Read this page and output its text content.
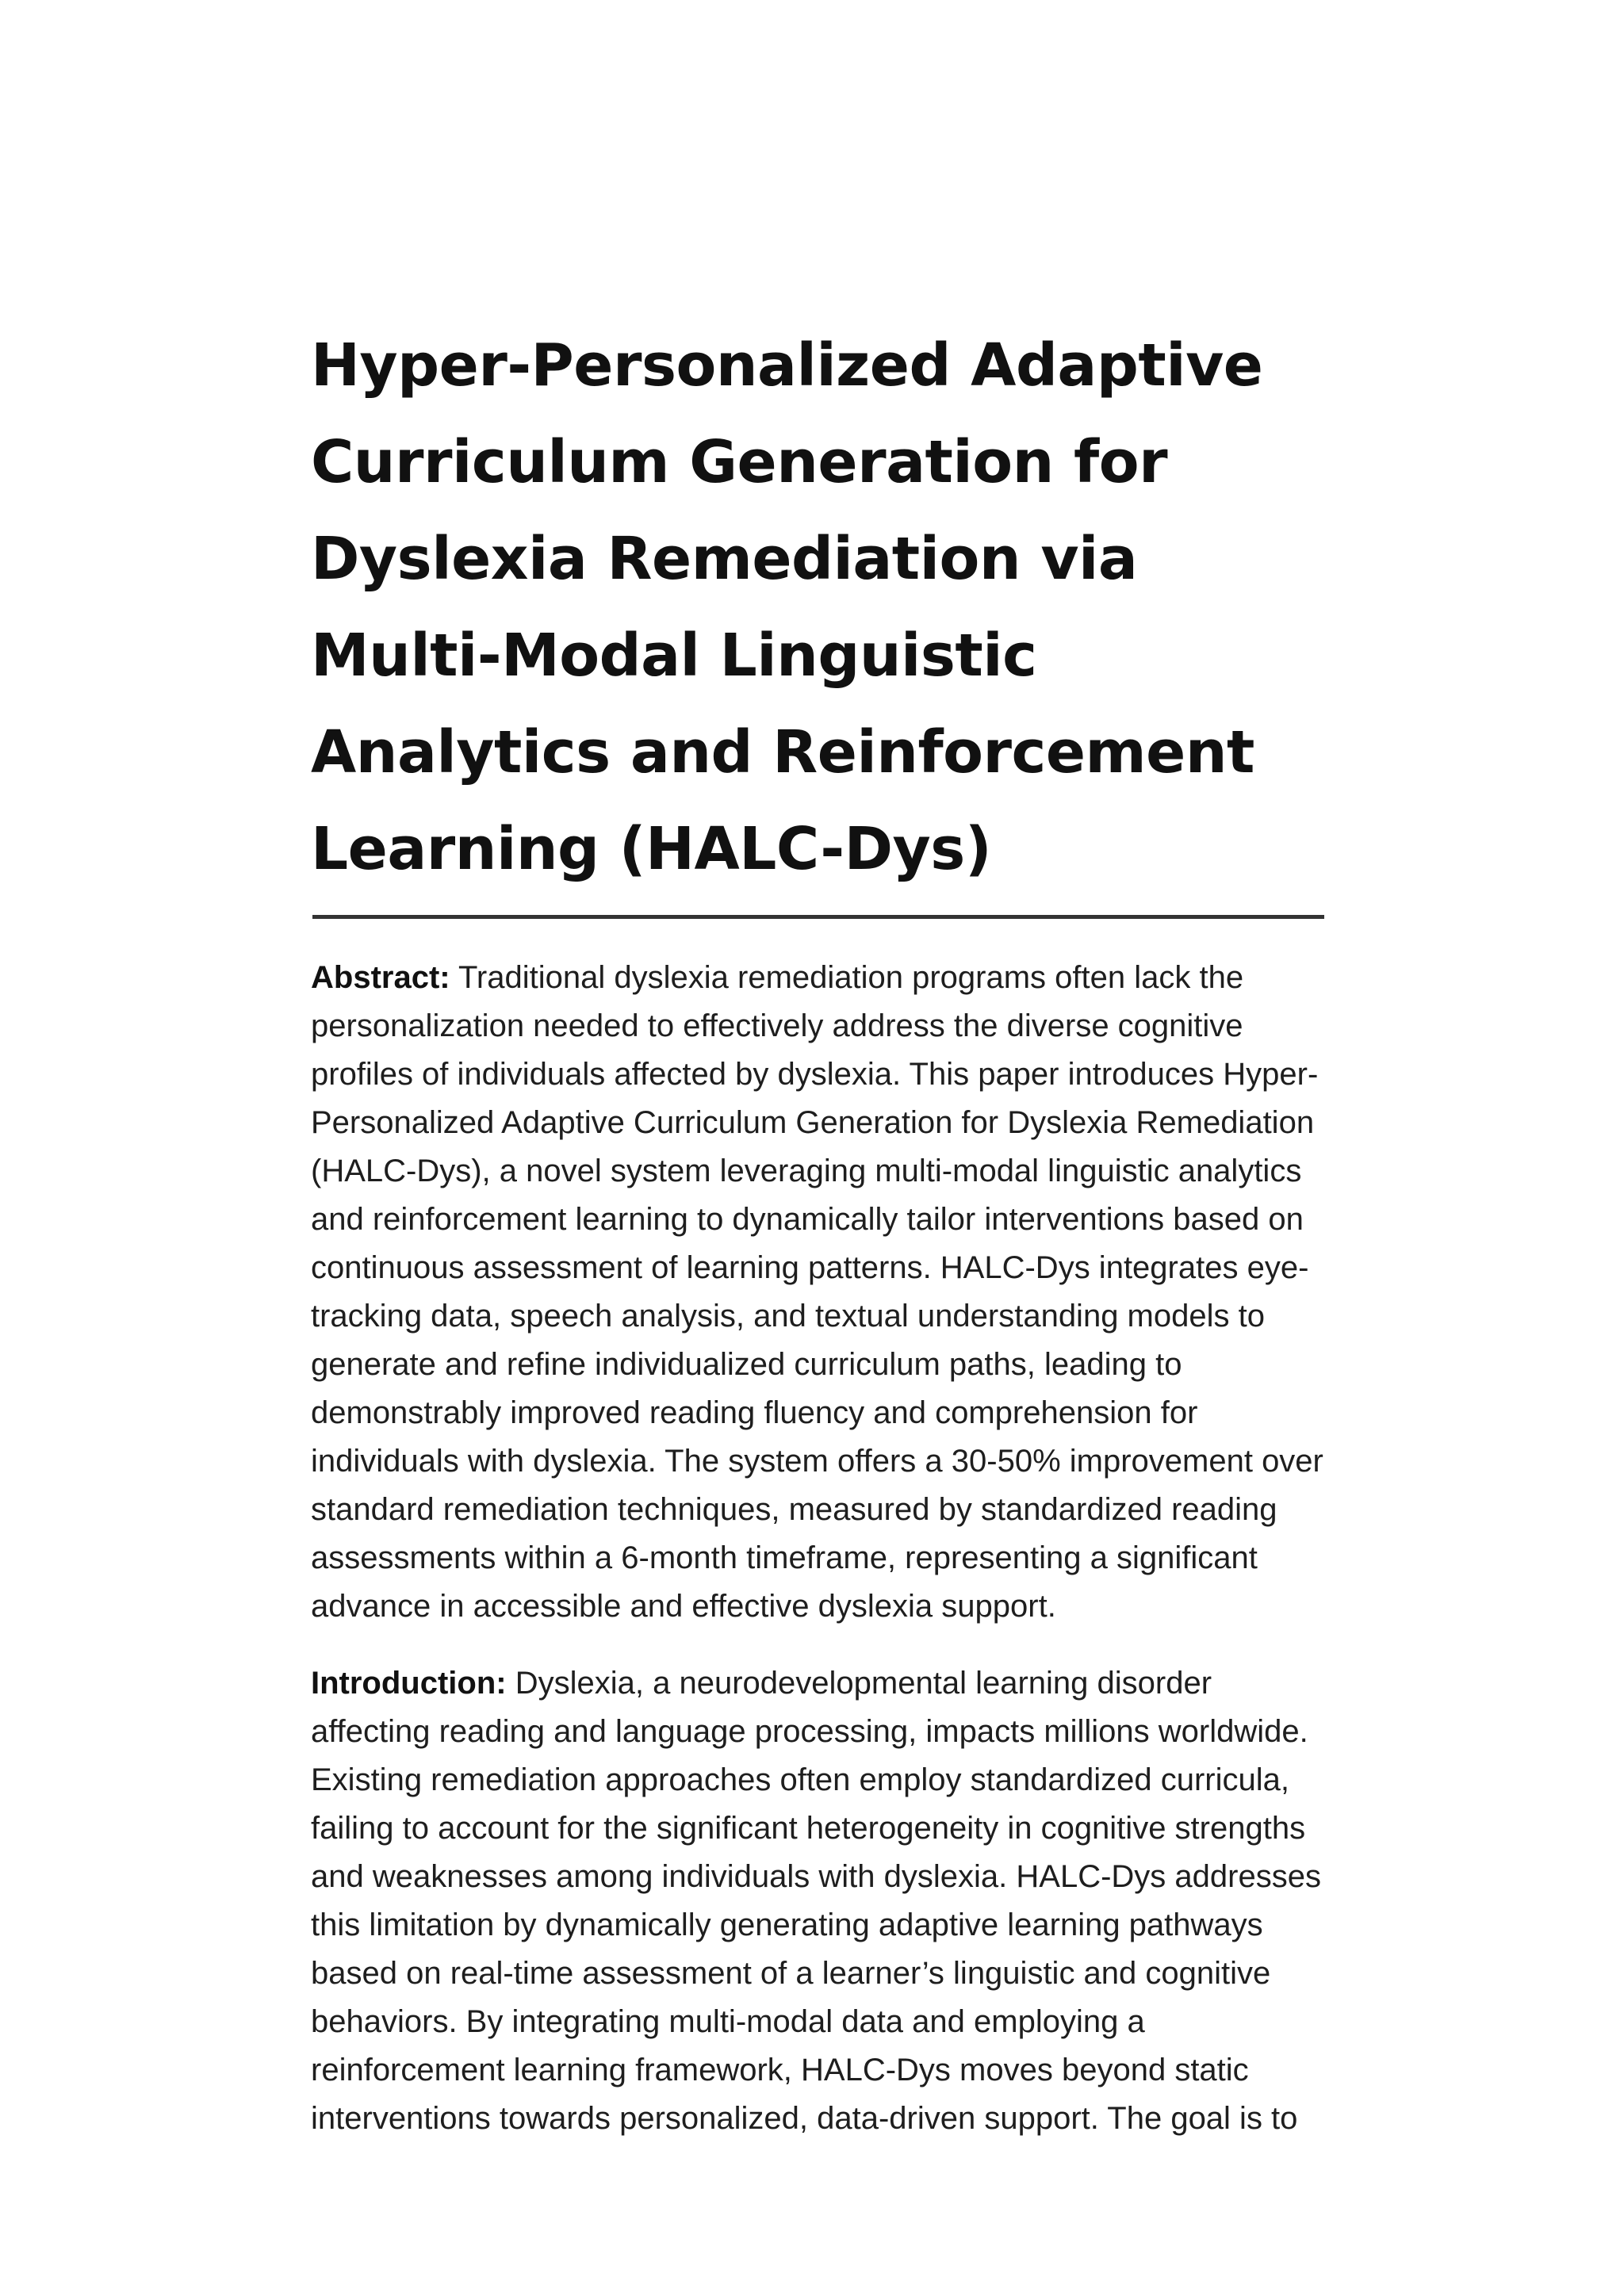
Hyper-Personalized Adaptive Curriculum Generation for Dyslexia Remediation via Multi-Modal Linguistic Analytics and Reinforcement Learning (HALC-Dys)

Abstract: Traditional dyslexia remediation programs often lack the personalization needed to effectively address the diverse cognitive profiles of individuals affected by dyslexia. This paper introduces Hyper-Personalized Adaptive Curriculum Generation for Dyslexia Remediation (HALC-Dys), a novel system leveraging multi-modal linguistic analytics and reinforcement learning to dynamically tailor interventions based on continuous assessment of learning patterns. HALC-Dys integrates eye-tracking data, speech analysis, and textual understanding models to generate and refine individualized curriculum paths, leading to demonstrably improved reading fluency and comprehension for individuals with dyslexia. The system offers a 30-50% improvement over standard remediation techniques, measured by standardized reading assessments within a 6-month timeframe, representing a significant advance in accessible and effective dyslexia support.

Introduction: Dyslexia, a neurodevelopmental learning disorder affecting reading and language processing, impacts millions worldwide. Existing remediation approaches often employ standardized curricula, failing to account for the significant heterogeneity in cognitive strengths and weaknesses among individuals with dyslexia. HALC-Dys addresses this limitation by dynamically generating adaptive learning pathways based on real-time assessment of a learner’s linguistic and cognitive behaviors. By integrating multi-modal data and employing a reinforcement learning framework, HALC-Dys moves beyond static interventions towards personalized, data-driven support. The goal is to
